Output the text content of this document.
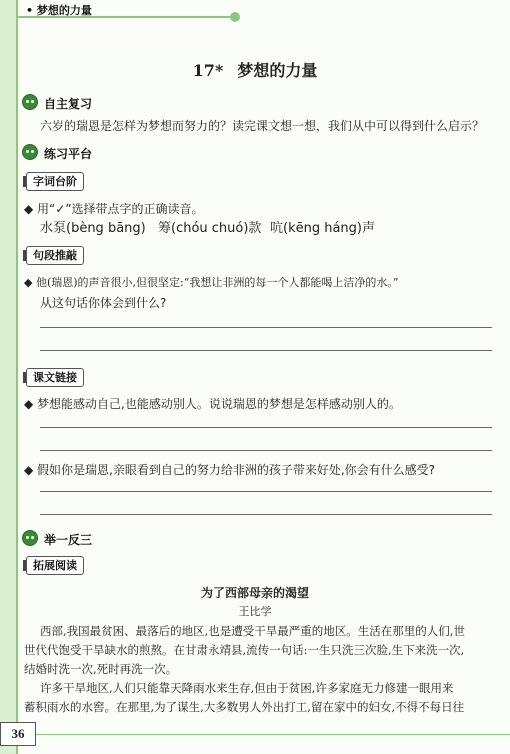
• 梦想的力量
17* 梦想的力量
自主复习
六岁的瑞恩是怎样为梦想而努力的？读完课文想一想，我们从中可以得到什么启示？
练习平台
字词台阶
◆ 用“✓”选择带点字的正确读音。
水泵(bèng bāng) 筹(chóu chuó)款 吭(kēng háng)声
句段推敲
◆ 他(瑞恩)的声音很小,但很坚定:“我想让非洲的每一个人都能喝上洁净的水。”
从这句话你体会到什么?
课文链接
◆ 梦想能感动自己,也能感动别人。说说瑞恩的梦想是怎样感动别人的。
◆ 假如你是瑞恩,亲眼看到自己的努力给非洲的孩子带来好处,你会有什么感受?
举一反三
拓展阅读
为了西部母亲的渴望
王比学
西部,我国最贫困、最落后的地区,也是遭受干旱最严重的地区。生活在那里的人们,世
世代代饱受干旱缺水的煎熬。在甘肃永靖县,流传一句话:一生只洗三次脸,生下来洗一次,
结婚时洗一次,死时再洗一次。
许多干旱地区,人们只能靠天降雨水来生存,但由于贫困,许多家庭无力修建一眼用来
蓄积雨水的水窖。在那里,为了谋生,大多数男人外出打工,留在家中的妇女,不得不每日往
36
